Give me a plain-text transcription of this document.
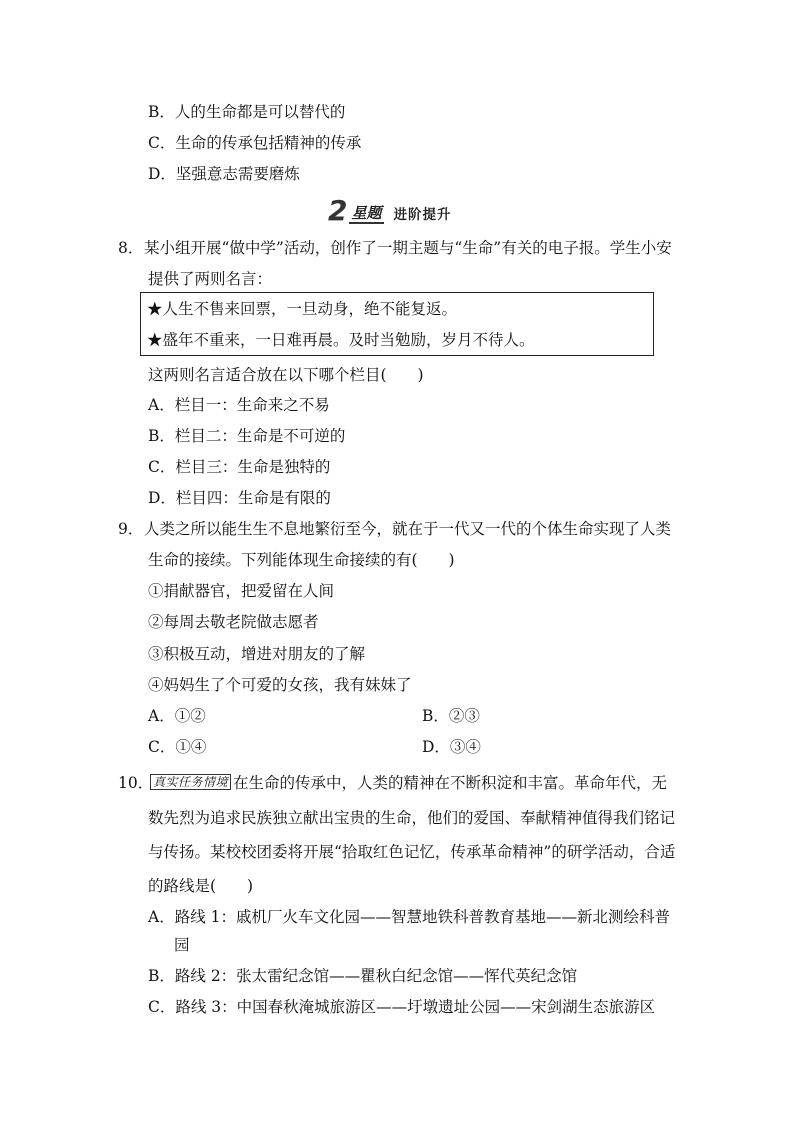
B．人的生命都是可以替代的
C．生命的传承包括精神的传承
D．坚强意志需要磨炼
2 星题 进阶提升
8． 某小组开展“做中学”活动，创作了一期主题与“生命”有关的电子报。学生小安
提供了两则名言：
★人生不售来回票，一旦动身，绝不能复返。
★盛年不重来，一日难再晨。及时当勉励，岁月不待人。
这两则名言适合放在以下哪个栏目(　　)
A．栏目一：生命来之不易
B．栏目二：生命是不可逆的
C．栏目三：生命是独特的
D．栏目四：生命是有限的
9． 人类之所以能生生不息地繁衍至今，就在于一代又一代的个体生命实现了人类
生命的接续。下列能体现生命接续的有(　　)
①捐献器官，把爱留在人间
②每周去敬老院做志愿者
③积极互动，增进对朋友的了解
④妈妈生了个可爱的女孩，我有妹妹了
A．①②	B．②③
C．①④	D．③④
10． 真实任务情境 在生命的传承中，人类的精神在不断积淀和丰富。革命年代，无
数先烈为追求民族独立献出宝贵的生命，他们的爱国、奉献精神值得我们铭记
与传扬。某校校团委将开展“拾取红色记忆，传承革命精神”的研学活动，合适
的路线是(　　)
A．路线 1：戚机厂火车文化园——智慧地铁科普教育基地——新北测绘科普
园
B．路线 2：张太雷纪念馆——瞿秋白纪念馆——恽代英纪念馆
C．路线 3：中国春秋淹城旅游区——圩墩遗址公园——宋剑湖生态旅游区
